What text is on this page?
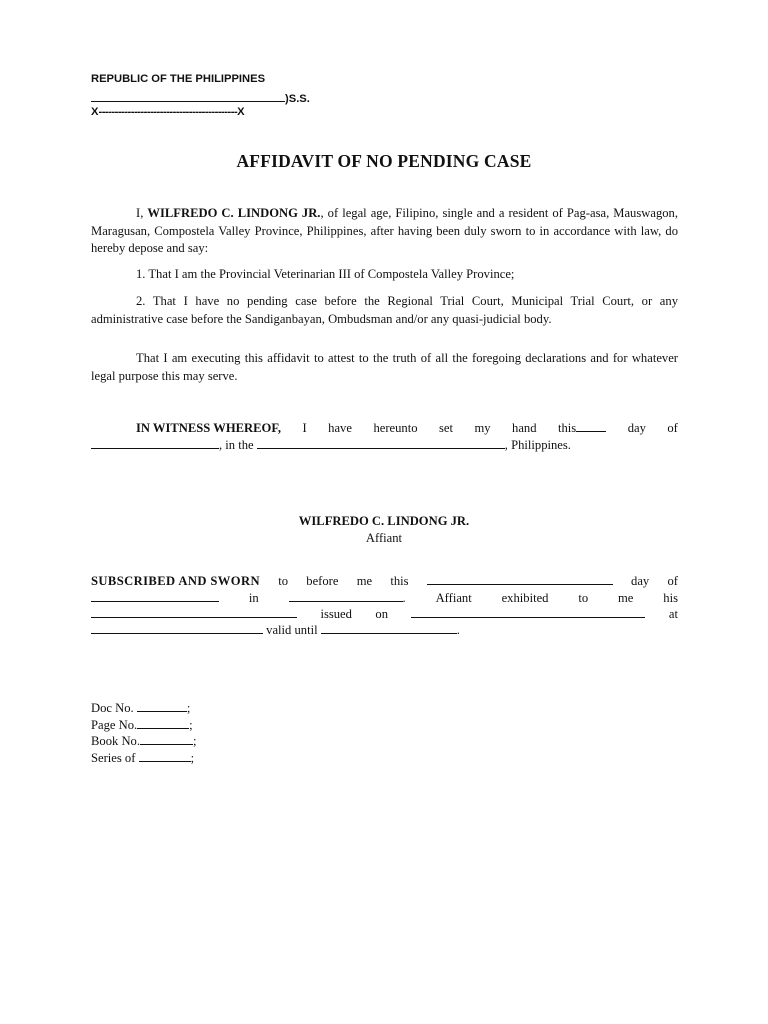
REPUBLIC OF THE PHILIPPINES
)S.S.
X-------------------------------------------X
AFFIDAVIT OF NO PENDING CASE
I, WILFREDO C. LINDONG JR., of legal age, Filipino, single and a resident of Pag-asa, Mauswagon, Maragusan, Compostela Valley Province, Philippines, after having been duly sworn to in accordance with law, do hereby depose and say:
1. That I am the Provincial Veterinarian III of Compostela Valley Province;
2. That I have no pending case before the Regional Trial Court, Municipal Trial Court, or any administrative case before the Sandiganbayan, Ombudsman and/or any quasi-judicial body.
That I am executing this affidavit to attest to the truth of all the foregoing declarations and for whatever legal purpose this may serve.
IN WITNESS WHEREOF, I have hereunto set my hand this	day of
, in the	, Philippines.
WILFREDO C. LINDONG JR.
Affiant
SUBSCRIBED AND SWORN to before me this	day of
in	. Affiant exhibited to me his
issued on	at
valid until	.
Doc No.	;
Page No.	;
Book No.	;
Series of	;
